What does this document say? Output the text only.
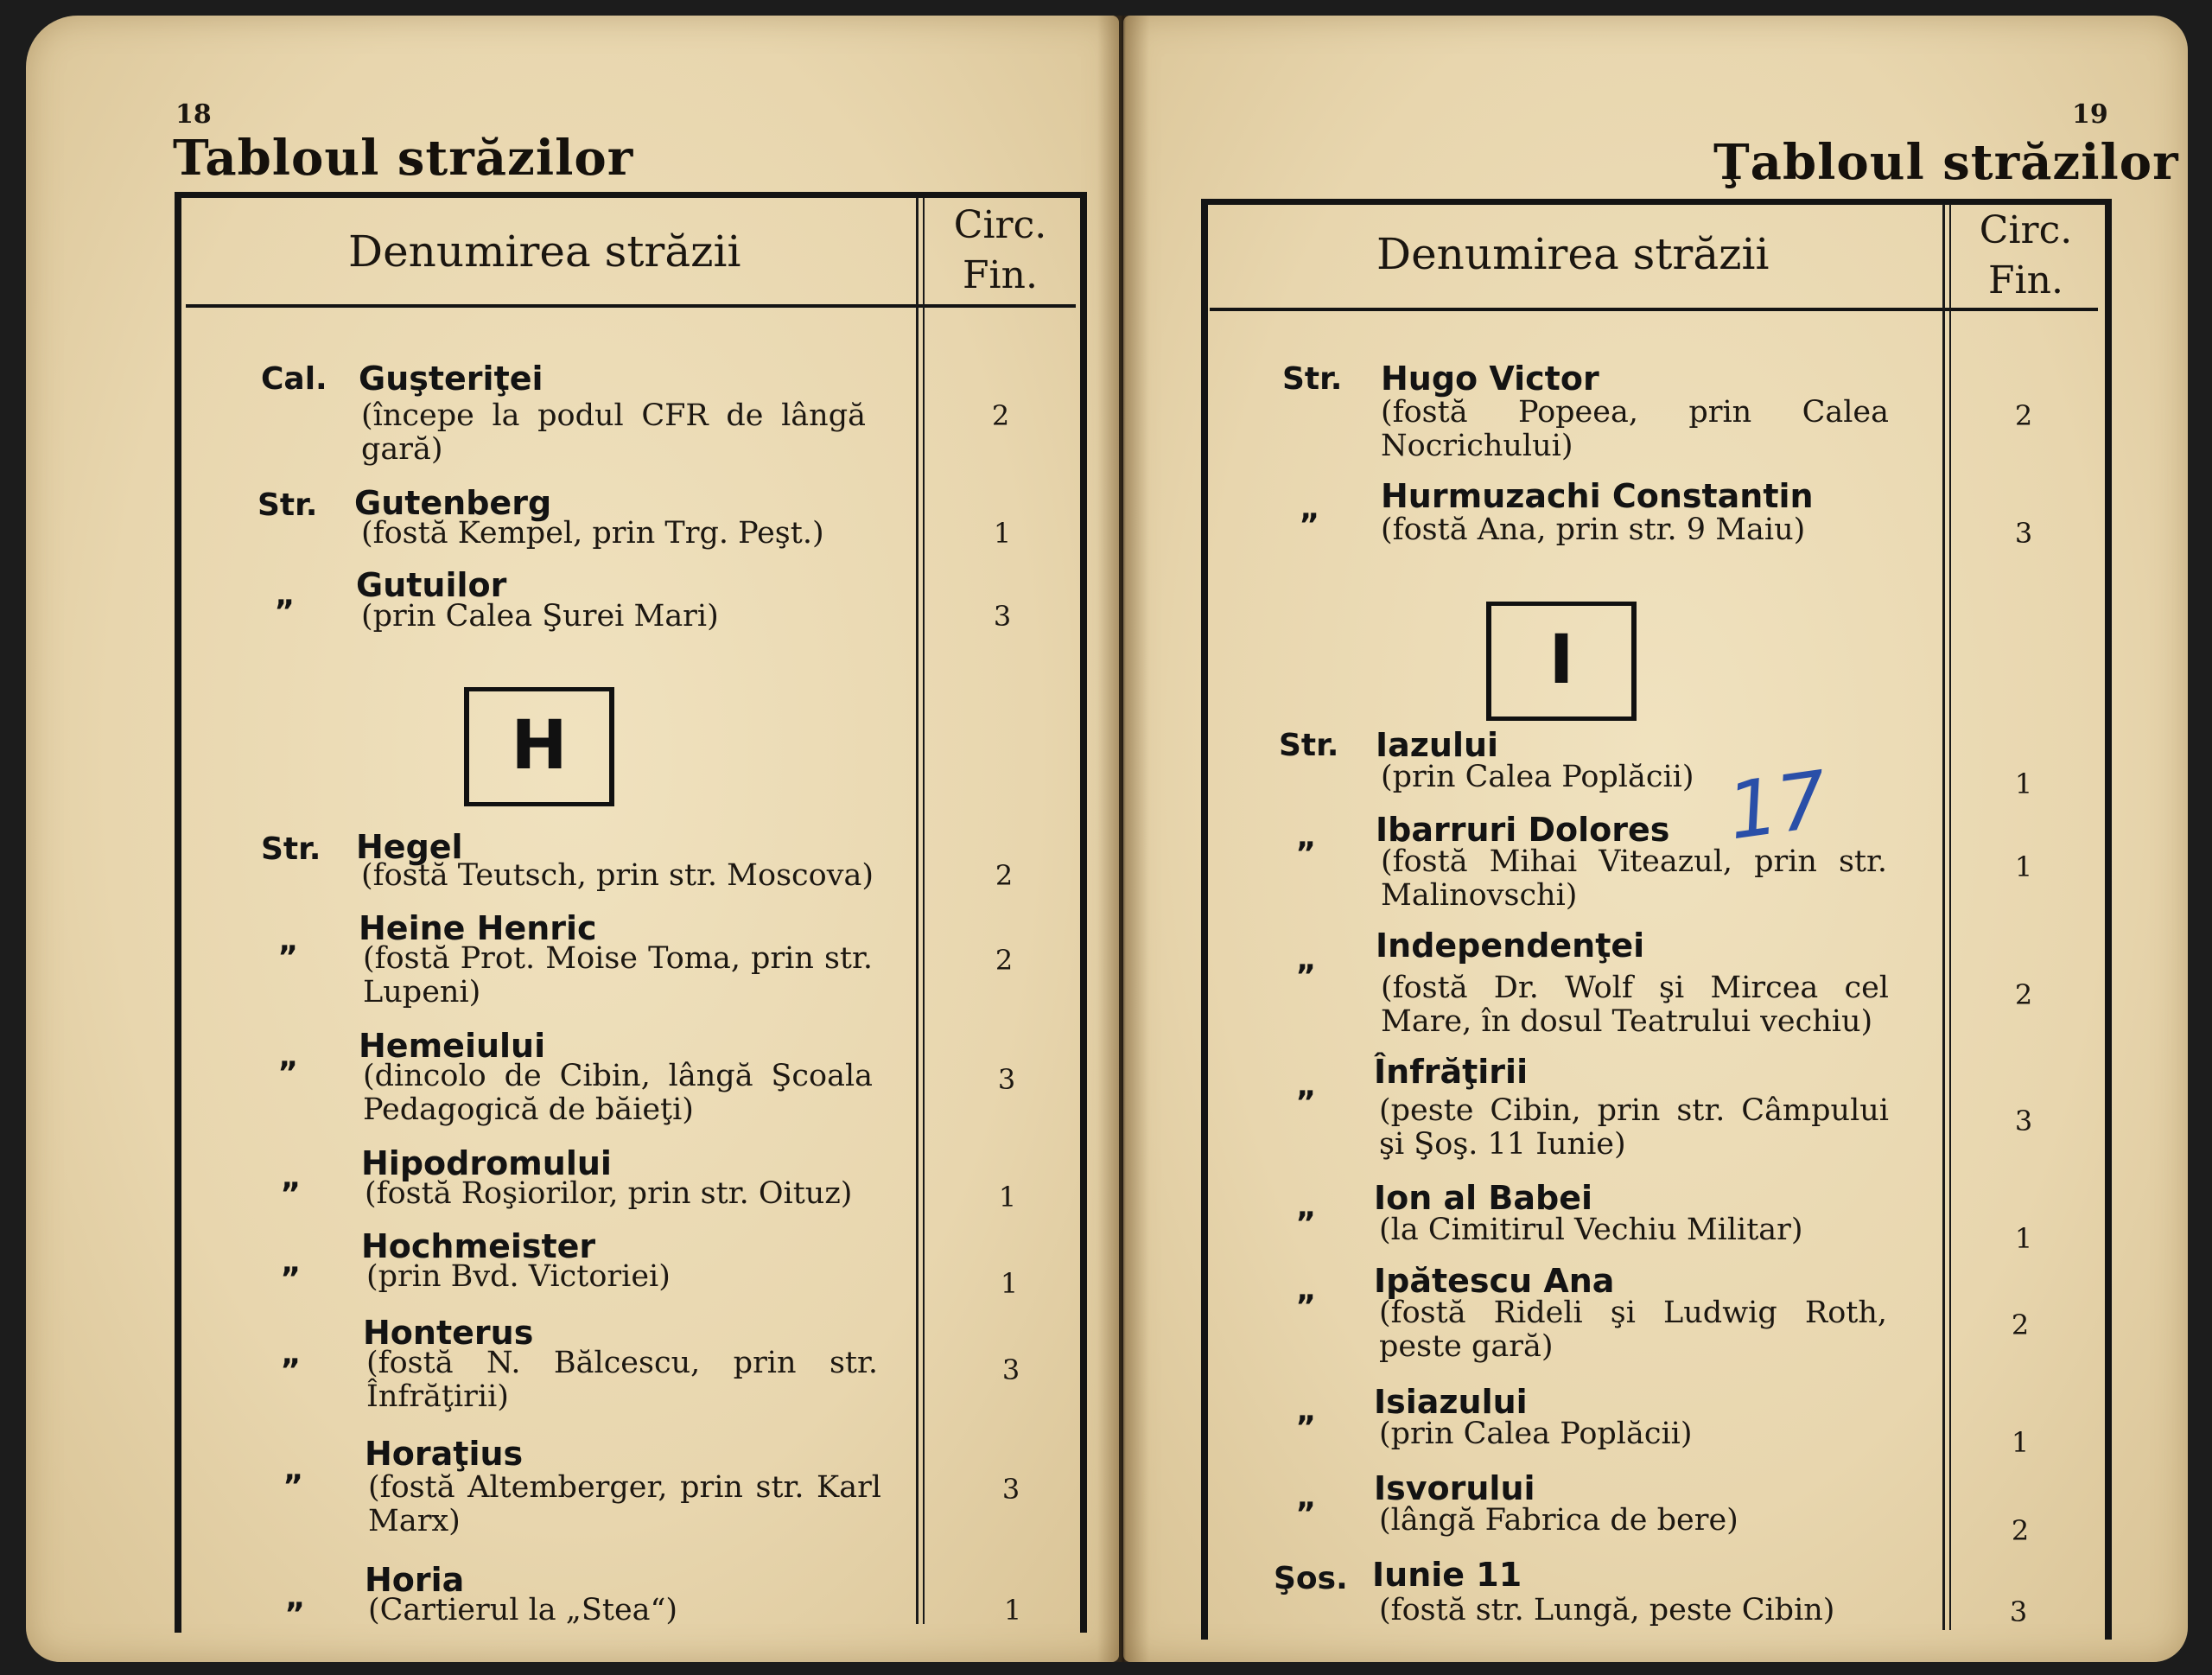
18
Tabloul străzilor
Denumirea străzii
Circ.
Fin.
Cal. Guşteriţei
(începe la podul CFR de lângă gară)
2
Str. Gutenberg
(fostă Kempel, prin Trg. Peşt.)	1
„ Gutuilor
(prin Calea Şurei Mari)	3
H
Str. Hegel
(fostă Teutsch, prin str. Moscova)	2
„ Heine Henric
(fostă Prot. Moise Toma, prin str. Lupeni)
2
„ Hemeiului
(dincolo de Cibin, lângă Şcoala Pedagogică de băieţi)
3
„ Hipodromului
(fostă Roşiorilor, prin str. Oituz)	1
„ Hochmeister
(prin Bvd. Victoriei)	1
„
Honterus
(fostă N. Bălcescu, prin str. Înfrăţirii)
3
„ Horaţius
(fostă Altemberger, prin str. Karl Marx)
3
„ Horia
(Cartierul la „Stea“)	1
19
Ţabloul străzilor
Denumirea străzii	Circ.
Fin.
Str. Hugo Victor
(fostă Popeea, prin Calea Nocrichului)
2
„ Hurmuzachi Constantin
(fostă Ana, prin str. 9 Maiu)	3
I
Str. Iazului
(prin Calea Poplăcii)	1
„ Ibarruri Dolores
(fostă Mihai Viteazul, prin str. Malinovschi)
1
„ Independenţei
(fostă Dr. Wolf şi Mircea cel Mare, în dosul Teatrului vechiu)
2
„ Înfrăţirii
(peste Cibin, prin str. Câmpului şi Şoş. 11 Iunie)
3
„ Ion al Babei
(la Cimitirul Vechiu Militar)	1
„ Ipătescu Ana
(fostă Rideli şi Ludwig Roth, peste gară)
2
„ Isiazului
(prin Calea Poplăcii)	1
„ Isvorului
(lângă Fabrica de bere)	2
Şos. Iunie 11
(fostă str. Lungă, peste Cibin)	3
17
